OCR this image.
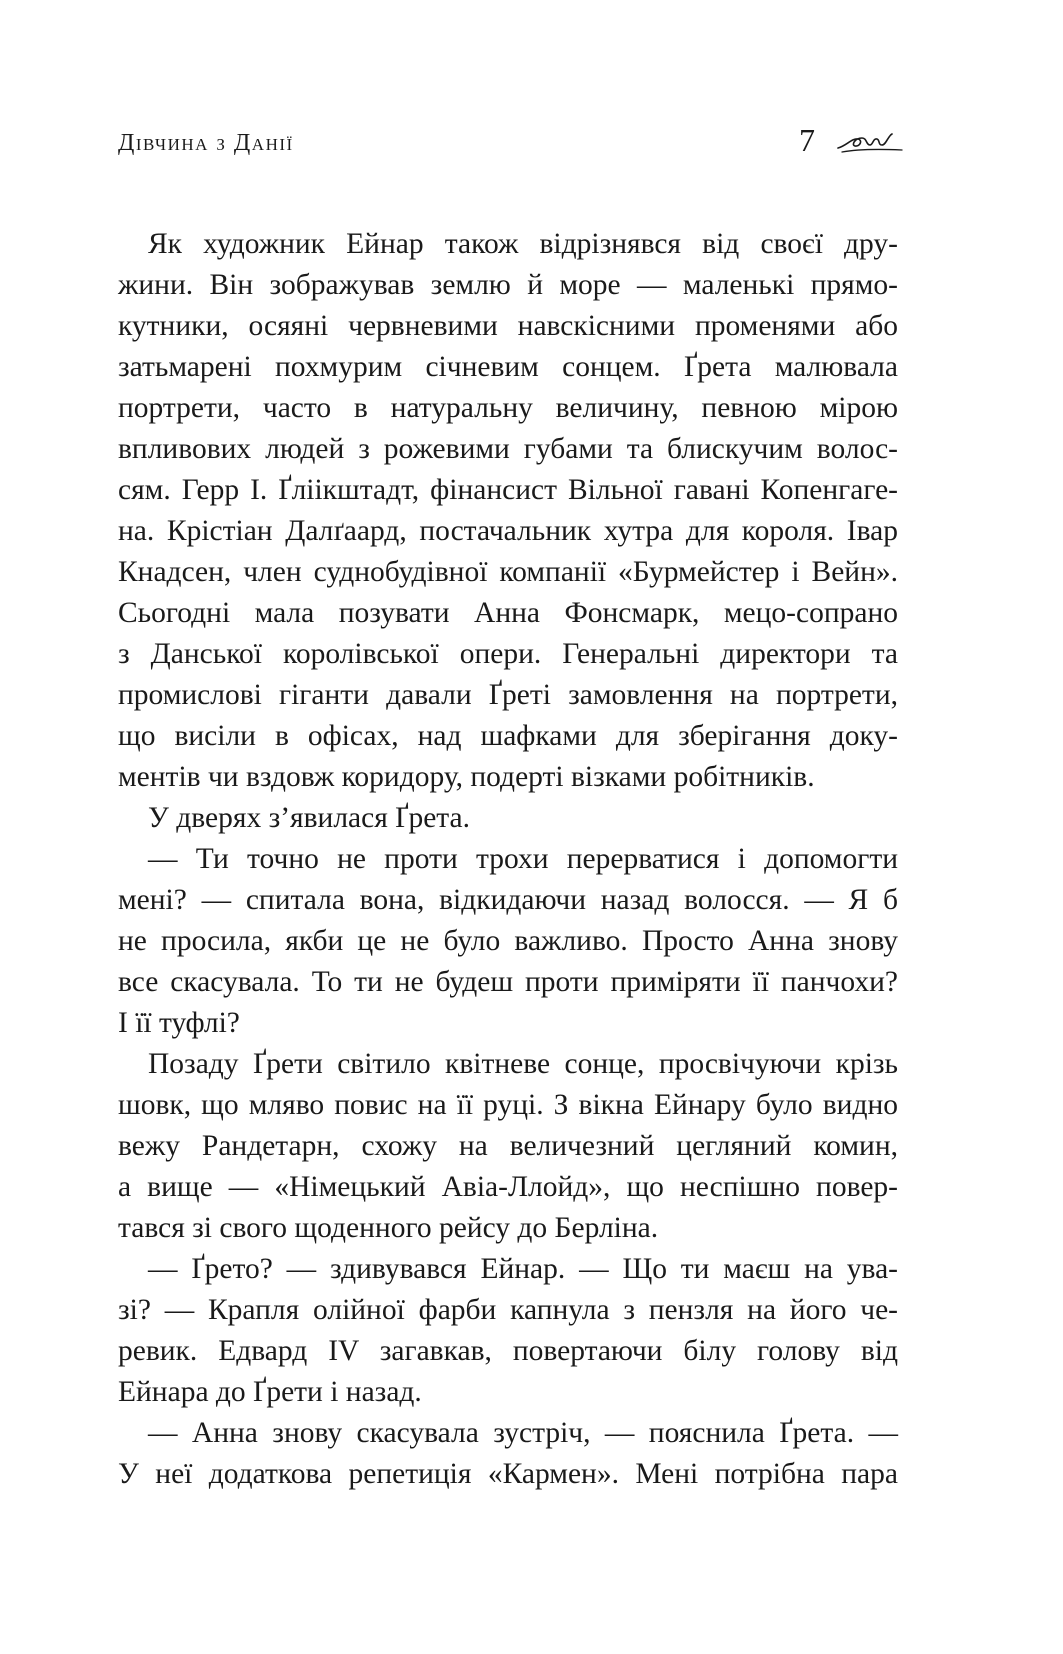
Дівчина з Данії	7
Як художник Ейнар також відрізнявся від своєї дру-
жини. Він зображував землю й море — маленькі прямо-
кутники, осяяні червневими навскісними променями або
затьмарені похмурим січневим сонцем. Ґрета малювала
портрети, часто в натуральну величину, певною мірою
впливових людей з рожевими губами та блискучим волос-
сям. Герр І. Ґліікштадт, фінансист Вільної гавані Копенгаге-
на. Крістіан Далґаард, постачальник хутра для короля. Івар
Кнадсен, член суднобудівної компанії «Бурмейстер і Вейн».
Сьогодні мала позувати Анна Фонсмарк, мецо-сопрано
з Данської королівської опери. Генеральні директори та
промислові гіганти давали Ґреті замовлення на портрети,
що висіли в офісах, над шафками для зберігання доку-
ментів чи вздовж коридору, подерті візками робітників.
У дверях з’явилася Ґрета.
— Ти точно не проти трохи перерватися і допомогти
мені? — спитала вона, відкидаючи назад волосся. — Я б
не просила, якби це не було важливо. Просто Анна знову
все скасувала. То ти не будеш проти приміряти її панчохи?
І її туфлі?
Позаду Ґрети світило квітневе сонце, просвічуючи крізь
шовк, що мляво повис на її руці. З вікна Ейнару було видно
вежу Рандетарн, схожу на величезний цегляний комин,
а вище — «Німецький Авіа-Ллойд», що неспішно повер-
тався зі свого щоденного рейсу до Берліна.
— Ґрето? — здивувався Ейнар. — Що ти маєш на ува-
зі? — Крапля олійної фарби капнула з пензля на його че-
ревик. Едвард IV загавкав, повертаючи білу голову від
Ейнара до Ґрети і назад.
— Анна знову скасувала зустріч, — пояснила Ґрета. —
У неї додаткова репетиція «Кармен». Мені потрібна пара
